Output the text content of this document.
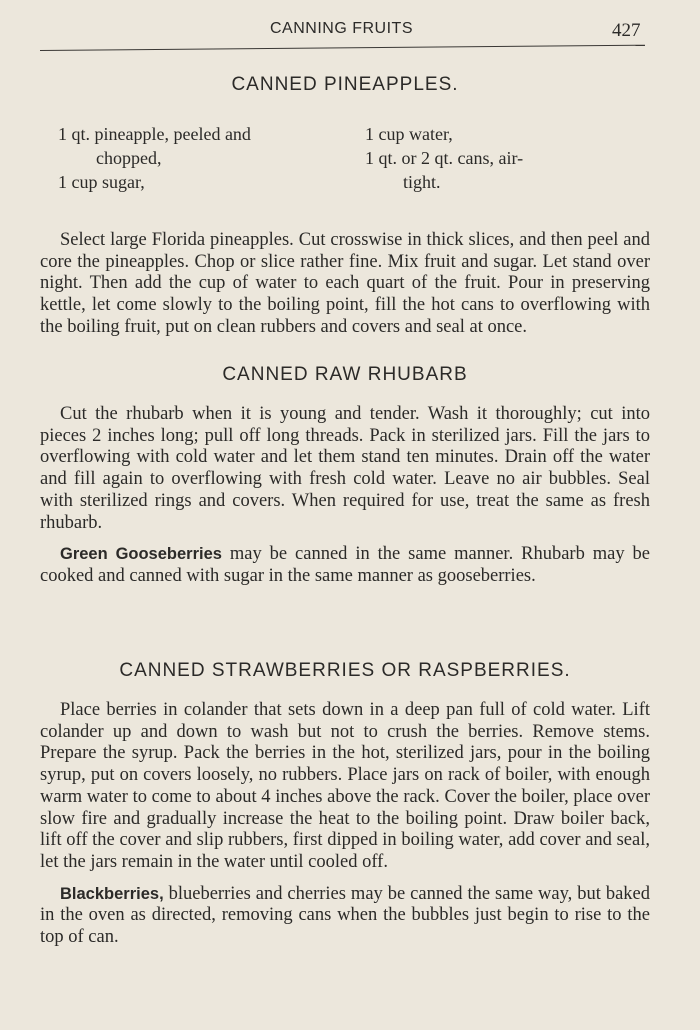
CANNING FRUITS	427
CANNED PINEAPPLES.
1 qt. pineapple, peeled and
chopped,
1 cup sugar,
1 cup water,
1 qt. or 2 qt. cans, air-
tight.

Select large Florida pineapples. Cut crosswise in thick slices, and then peel and core the pineapples. Chop or slice rather fine. Mix fruit and sugar. Let stand over night. Then add the cup of water to each quart of the fruit. Pour in preserving kettle, let come slowly to the boiling point, fill the hot cans to overflowing with the boiling fruit, put on clean rubbers and covers and seal at once.

CANNED RAW RHUBARB

Cut the rhubarb when it is young and tender. Wash it thoroughly; cut into pieces 2 inches long; pull off long threads. Pack in sterilized jars. Fill the jars to overflowing with cold water and let them stand ten minutes. Drain off the water and fill again to overflowing with fresh cold water. Leave no air bubbles. Seal with sterilized rings and covers. When required for use, treat the same as fresh rhubarb.

Green Gooseberries may be canned in the same manner. Rhubarb may be cooked and canned with sugar in the same manner as gooseberries.

CANNED STRAWBERRIES OR RASPBERRIES.

Place berries in colander that sets down in a deep pan full of cold water. Lift colander up and down to wash but not to crush the berries. Remove stems. Prepare the syrup. Pack the berries in the hot, sterilized jars, pour in the boiling syrup, put on covers loosely, no rubbers. Place jars on rack of boiler, with enough warm water to come to about 4 inches above the rack. Cover the boiler, place over slow fire and gradually increase the heat to the boiling point. Draw boiler back, lift off the cover and slip rubbers, first dipped in boiling water, add cover and seal, let the jars remain in the water until cooled off.

Blackberries, blueberries and cherries may be canned the same way, but baked in the oven as directed, removing cans when the bubbles just begin to rise to the top of can.
